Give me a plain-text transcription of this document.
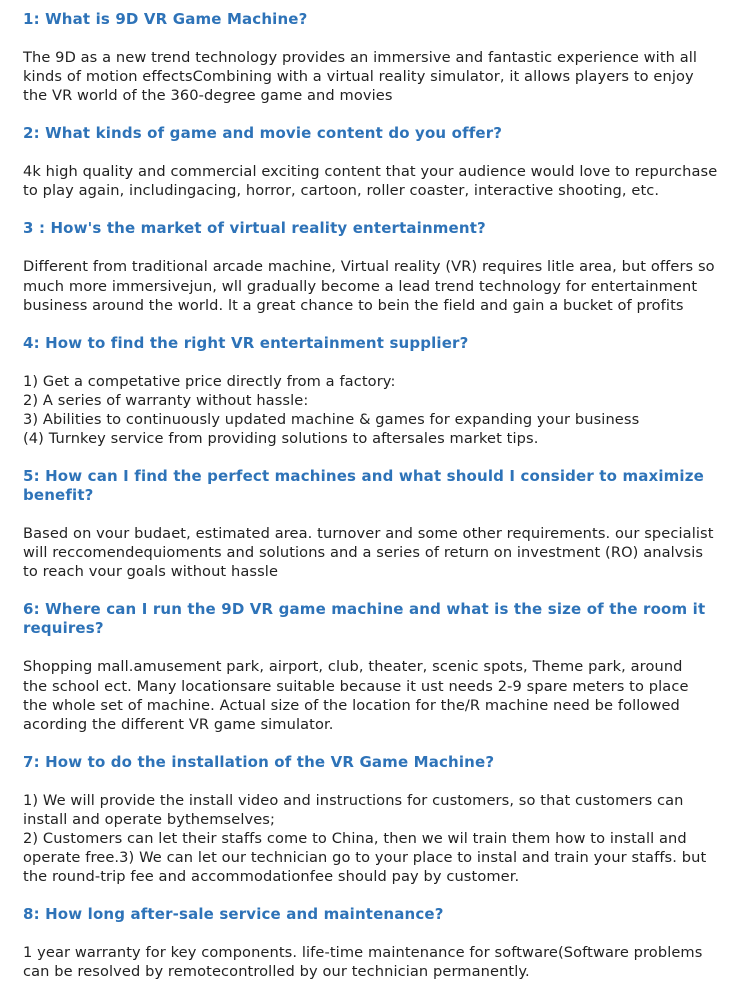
1: What is 9D VR Game Machine?
The 9D as a new trend technology provides an immersive and fantastic experience with all
kinds of motion effectsCombining with a virtual reality simulator, it allows players to enjoy
the VR world of the 360-degree game and movies
2: What kinds of game and movie content do you offer?
4k high quality and commercial exciting content that your audience would love to repurchase
to play again, includingacing, horror, cartoon, roller coaster, interactive shooting, etc.
3 : How's the market of virtual reality entertainment?
Different from traditional arcade machine, Virtual reality (VR) requires litle area, but offers so
much more immersivejun, wll gradually become a lead trend technology for entertainment
business around the world. lt a great chance to bein the field and gain a bucket of profits
4: How to find the right VR entertainment supplier?
1) Get a competative price directly from a factory:
2) A series of warranty without hassle:
3) Abilities to continuously updated machine & games for expanding your business
(4) Turnkey service from providing solutions to aftersales market tips.
5: How can I find the perfect machines and what should I consider to maximize
benefit?
Based on vour budaet, estimated area. turnover and some other requirements. our specialist
will reccomendequioments and solutions and a series of return on investment (RO) analvsis
to reach vour goals without hassle
6: Where can I run the 9D VR game machine and what is the size of the room it
requires?
Shopping mall.amusement park, airport, club, theater, scenic spots, Theme park, around
the school ect. Many locationsare suitable because it ust needs 2-9 spare meters to place
the whole set of machine. Actual size of the location for the/R machine need be followed
acording the different VR game simulator.
7: How to do the installation of the VR Game Machine?
1) We will provide the install video and instructions for customers, so that customers can
install and operate bythemselves;
2) Customers can let their staffs come to China, then we wil train them how to install and
operate free.3) We can let our technician go to your place to instal and train your staffs. but
the round-trip fee and accommodationfee should pay by customer.
8: How long after-sale service and maintenance?
1 year warranty for key components. life-time maintenance for software(Software problems
can be resolved by remotecontrolled by our technician permanently.
